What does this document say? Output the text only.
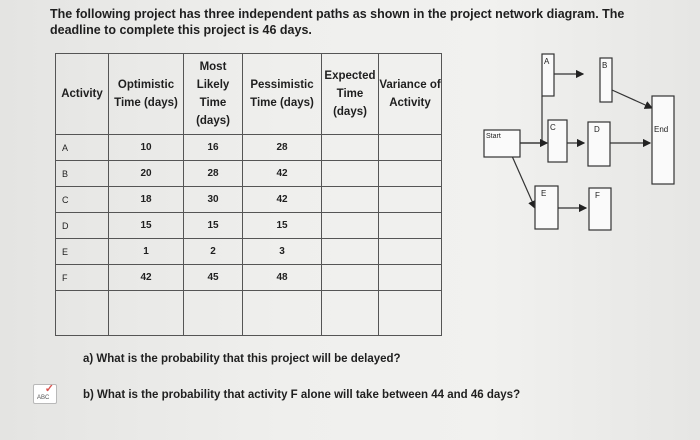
The following project has three independent paths as shown in the project network diagram. The deadline to complete this project is 46 days.
Activity	Optimistic Time (days)	Most Likely Time (days)	Pessimistic Time (days)	Expected Time (days)	Variance of Activity
A	10	16	28		
B	20	28	42		
C	18	30	42		
D	15	15	15		
E	1	2	3		
F	42	45	48		

Start
A	B
C	D
E	F
End
a) What is the probability that this project will be delayed?
ABC
✓	b) What is the probability that activity F alone will take between 44 and 46 days?
